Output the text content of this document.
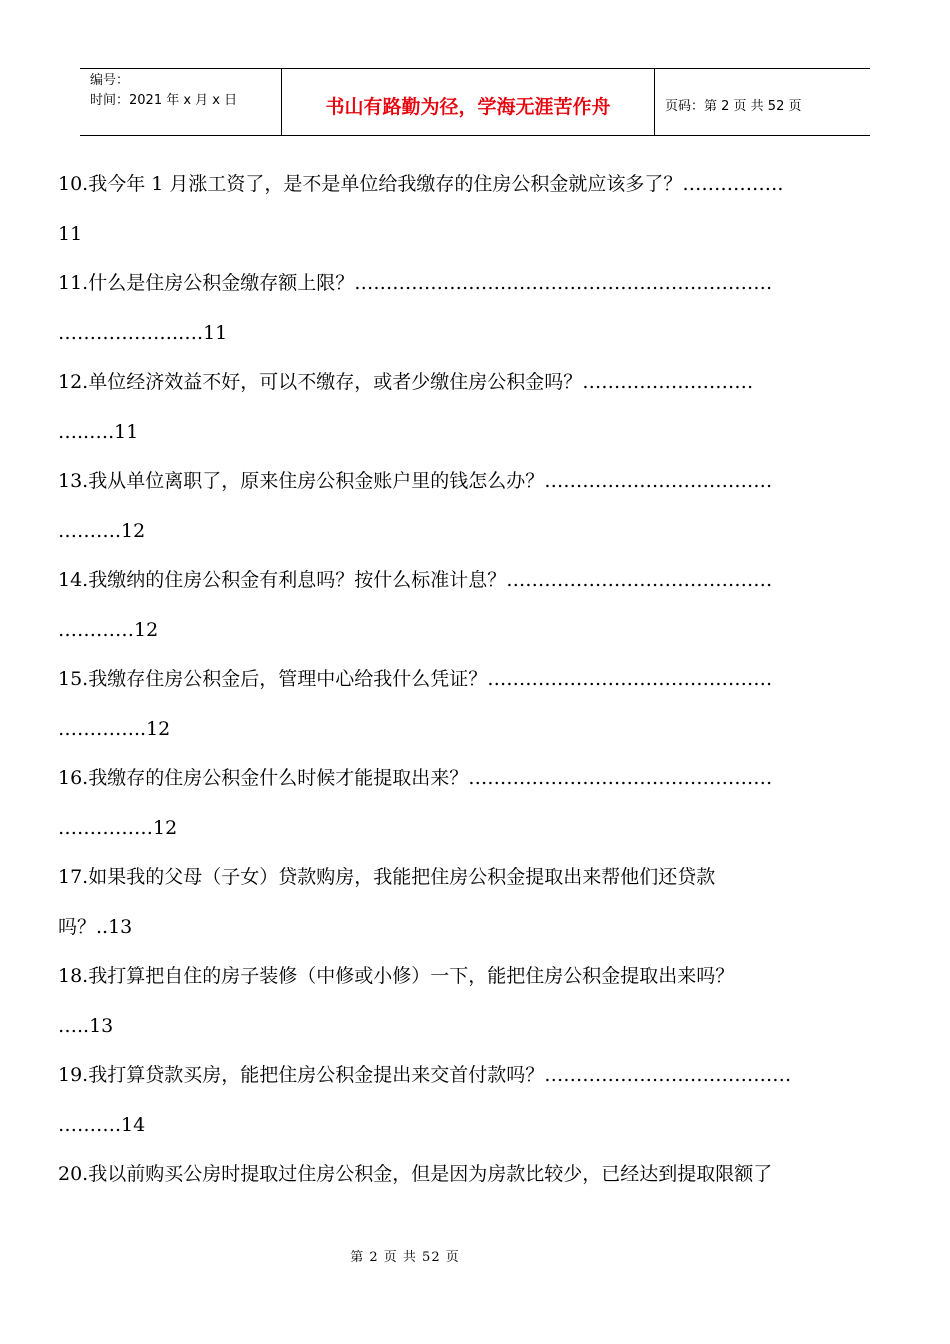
编号：
时间：2021 年 x 月 x 日	书山有路勤为径，学海无涯苦作舟	页码：第 2 页 共 52 页
10.我今年 1 月涨工资了，是不是单位给我缴存的住房公积金就应该多了？…………….
11
11.什么是住房公积金缴存额上限？…………………………………………………………
……………….….11
12.单位经济效益不好，可以不缴存，或者少缴住房公积金吗？………………………
…..….11
13.我从单位离职了，原来住房公积金账户里的钱怎么办？………………………………
……….12
14.我缴纳的住房公积金有利息吗？按什么标准计息？……………………………………
…………12
15.我缴存住房公积金后，管理中心给我什么凭证？………………………………………
…………..12
16.我缴存的住房公积金什么时候才能提取出来？…………………………………………
……………12
17.如果我的父母（子女）贷款购房，我能把住房公积金提取出来帮他们还贷款
吗？..13
18.我打算把自住的房子装修（中修或小修）一下，能把住房公积金提取出来吗？
…..13
19.我打算贷款买房，能把住房公积金提出来交首付款吗？…………………………………
……….14
20.我以前购买公房时提取过住房公积金，但是因为房款比较少，已经达到提取限额了
第 2 页 共 52 页
